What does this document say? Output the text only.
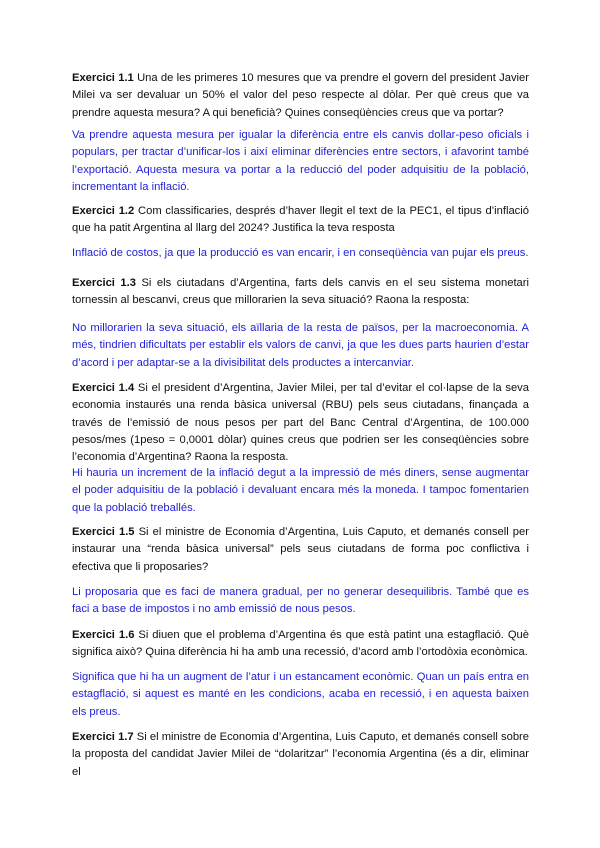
Exercici 1.1 Una de les primeres 10 mesures que va prendre el govern del president Javier Milei va ser devaluar un 50% el valor del peso respecte al dòlar. Per què creus que va prendre aquesta mesura? A qui beneficià? Quines conseqüències creus que va portar?

Va prendre aquesta mesura per igualar la diferència entre els canvis dollar-peso oficials i populars, per tractar d’unificar-los i així eliminar diferències entre sectors, i afavorint també l’exportació. Aquesta mesura va portar a la reducció del poder adquisitiu de la població, incrementant la inflació.

Exercici 1.2 Com classificaries, després d’haver llegit el text de la PEC1, el tipus d’inflació que ha patit Argentina al llarg del 2024? Justifica la teva resposta

Inflació de costos, ja que la producció es van encarir, i en conseqüència van pujar els preus.

Exercici 1.3 Si els ciutadans d’Argentina, farts dels canvis en el seu sistema monetari tornessin al bescanvi, creus que millorarien la seva situació? Raona la resposta:

No millorarien la seva situació, els aïllaria de la resta de països, per la macroeconomia. A més, tindrien dificultats per establir els valors de canvi, ja que les dues parts haurien d’estar d’acord i per adaptar-se a la divisibilitat dels productes a intercanviar.

Exercici 1.4 Si el president d’Argentina, Javier Milei, per tal d’evitar el col·lapse de la seva economia instaurés una renda bàsica universal (RBU) pels seus ciutadans, finançada a través de l’emissió de nous pesos per part del Banc Central d’Argentina, de 100.000 pesos/mes (1peso = 0,0001 dòlar) quines creus que podrien ser les conseqüències sobre l’economia d’Argentina? Raona la resposta.

Hi hauria un increment de la inflació degut a la impressió de més diners, sense augmentar el poder adquisitiu de la població i devaluant encara més la moneda. I tampoc fomentarien que la població treballés.

Exercici 1.5 Si el ministre de Economia d’Argentina, Luis Caputo, et demanés consell per instaurar una “renda bàsica universal” pels seus ciutadans de forma poc conflictiva i efectiva que li proposaries?

Li proposaria que es faci de manera gradual, per no generar desequilibris. També que es faci a base de impostos i no amb emissió de nous pesos.

Exercici 1.6 Si diuen que el problema d’Argentina és que està patint una estagflació. Què significa això? Quina diferència hi ha amb una recessió, d’acord amb l’ortodòxia econòmica.

Significa que hi ha un augment de l’atur i un estancament econòmic. Quan un país entra en estagflació, si aquest es manté en les condicions, acaba en recessió, i en aquesta baixen els preus.

Exercici 1.7 Si el ministre de Economia d’Argentina, Luis Caputo, et demanés consell sobre la proposta del candidat Javier Milei de “dolaritzar” l’economia Argentina (és a dir, eliminar el
